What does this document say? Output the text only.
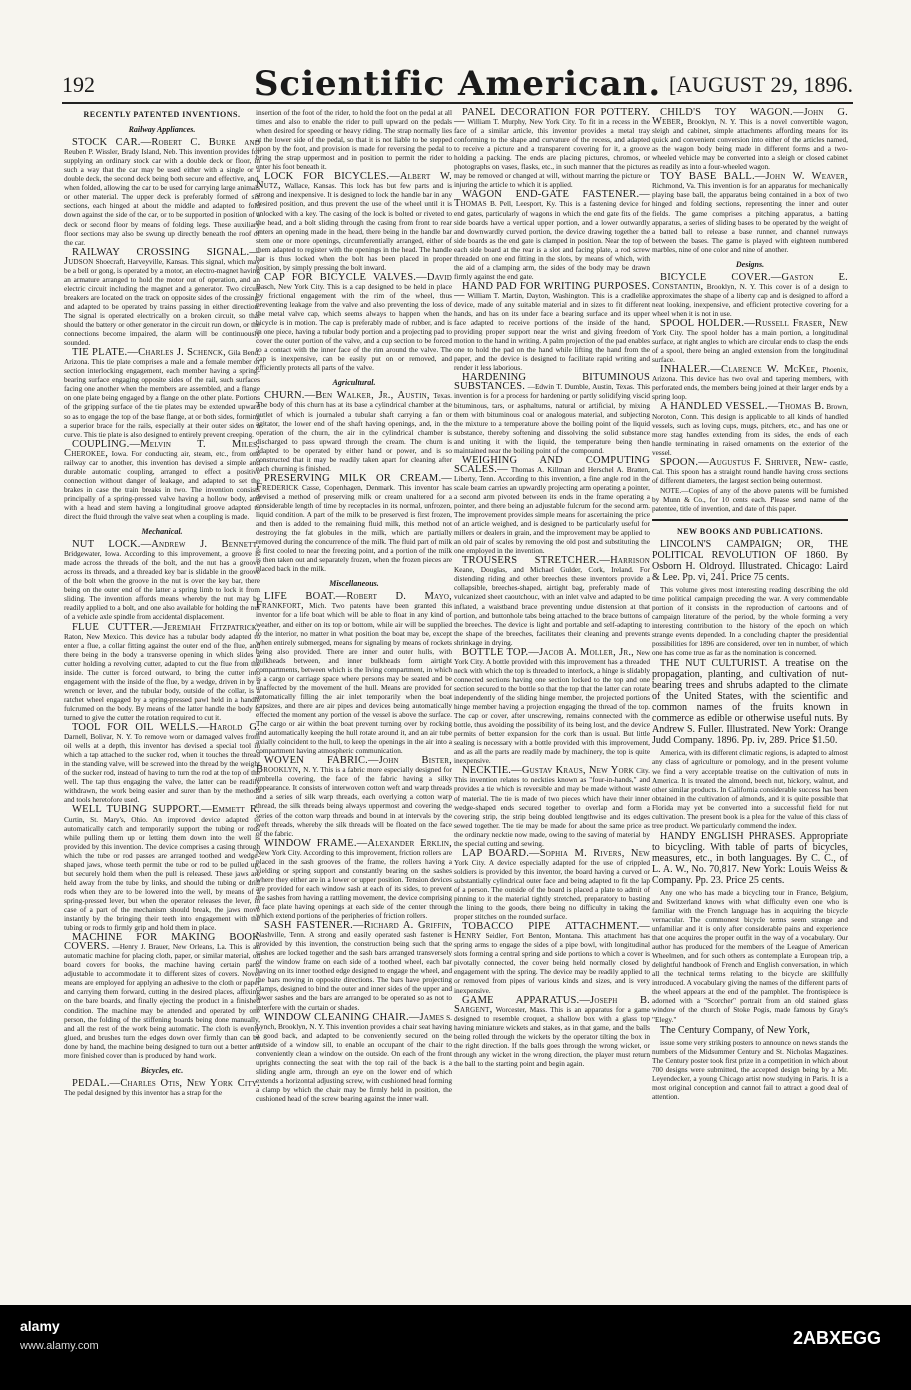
192	Scientific American. [AUGUST 29, 1896.
RECENTLY PATENTED INVENTIONS.
Railway Appliances.

STOCK CAR.—Robert C. Burke and Reuben P. Wissler, Brady Island, Neb. This invention provides for supplying an ordinary stock car with a double deck or floor, in such a way that the car may be used either with a single or a double deck, the second deck being both secure and effective, and, when folded, allowing the car to be used for carrying large animals or other material. The upper deck is preferably formed of six sections, each hinged at about the middle and adapted to fold down against the side of the car, or to be supported in position of a deck or second floor by means of folding legs. These auxiliary floor sections may also be swung up directly beneath the roof of the car.

RAILWAY CROSSING SIGNAL.—Judson Shoecraft, Harveyville, Kansas. This signal, which may be a bell or gong, is operated by a motor, an electro-magnet having an armature arranged to hold the motor out of operation, and an electric circuit including the magnet and a generator. Two circuit breakers are located on the track on opposite sides of the crossing, and adapted to be operated by trains passing in either direction. The signal is operated electrically on a broken circuit, so that should the battery or other generator in the circuit run down, or the connections become impaired, the alarm will be continuously sounded.

TIE PLATE.—Charles J. Schenck, Gila Bend, Arizona. This tie plate comprises a male and a female member or section interlocking engagement, each member having a spring-bearing surface engaging opposite sides of the rail, such surfaces facing one another when the members are assembled, and a flange on one plate being engaged by a flange on the other plate. Portions of the gripping surface of the tie plates may be extended upward so as to engage the top of the base flange, at or both sides, forming a superior brace for the rails, especially at their outer sides on a curve. This tie plate is also designed to entirely prevent creeping.

COUPLING.—Melvin T. Miles, Cherokee, Iowa. For conducting air, steam, etc., from one railway car to another, this invention has devised a simple and durable automatic coupling, arranged to effect a positive connection without danger of leakage, and adapted to set the brakes in case the train breaks in two. The invention consists principally of a spring-pressed valve having a hollow body, and with a head and stem having a longitudinal groove adapted to direct the fluid through the valve seat when a coupling is made.

Mechanical.

NUT LOCK.—Andrew J. Bennett, Bridgewater, Iowa. According to this improvement, a groove is made across the threads of the bolt, and the nut has a groove across its threads, and a threaded key bar is slidable in the groove of the bolt when the groove in the nut is over the key bar, there being on the outer end of the latter a spring limb to lock it from sliding. The invention affords means whereby the nut may be readily applied to a bolt, and one also available for holding the nut of a vehicle axle spindle from accidental displacement.

FLUE CUTTER.—Jeremiah Fitzpatrick, Raton, New Mexico. This device has a tubular body adapted to enter a flue, a collar fitting against the outer end of the flue, and there being in the body a transverse opening in which slides a cutter holding a revolving cutter, adapted to cut the flue from the inside. The cutter is forced outward, to bring the cutter into engagement with the inside of the flue, by a wedge, driven in by a wrench or lever, and the tubular body, outside of the collar, is a ratchet wheel engaged by a spring-pressed pawl held in a handle fulcrumed on the body. By means of the latter handle the body is turned to give the cutter the rotation required to cut it.

TOOL FOR OIL WELLS.—Harold G. Darnell, Bolivar, N. Y. To remove worn or damaged valves from oil wells at a depth, this inventor has devised a special tool in which a tap attached to the sucker rod, when it touches the thread in the standing valve, will be screwed into the thread by the weight of the sucker rod, instead of having to turn the rod at the top of the well. The tap thus engaging the valve, the latter can be readily withdrawn, the work being easier and surer than by the methods and tools heretofore used.

WELL TUBING SUPPORT.—Emmett R. Curtin, St. Mary's, Ohio. An improved device adapted to automatically catch and temporarily support the tubing or rods while pulling them up or letting them down into the well is provided by this invention. The device comprises a casing through which the tube or rod passes are arranged toothed and wedge-shaped jaws, whose teeth permit the tube or rod to be pulled up, but securely hold them when the pull is released. These jaws are held away from the tube by links, and should the tubing or drill rods when they are to be lowered into the well, by means of a spring-pressed lever, but when the operator releases the lever, in case of a part of the mechanism should break, the jaws move instantly by the bringing their teeth into engagement with the tubing or rods to firmly grip and hold them in place.

MACHINE FOR MAKING BOOK COVERS. —Henry J. Brauer, New Orleans, La. This is an automatic machine for placing cloth, paper, or similar material, on board covers for books, the machine having certain parts adjustable to accommodate it to different sizes of covers. Novel means are employed for applying an adhesive to the cloth or paper and carrying them forward, cutting in the desired places, affixing on the bare boards, and finally ejecting the product in a finished condition. The machine may be attended and operated by one person, the folding of the stiffening boards being done manually, and all the rest of the work being automatic. The cloth is evenly glued, and brushes turn the edges down over firmly than can be done by hand, the machine being designed to turn out a better and more finished cover than is produced by hand work.

Bicycles, etc.

PEDAL.—Charles Otis, New York City. The pedal designed by this inventor has a strap for the

insertion of the foot of the rider, to hold the foot on the pedal at all times and also to enable the rider to pull upward on the pedals when desired for speeding or heavy riding. The strap normally lies at the lower side of the pedal, so that it is not liable to be stepped upon by the foot, and provision is made for reversing the pedal to bring the strap uppermost and in position to permit the rider to enter his foot beneath it.

LOCK FOR BICYCLES.—Albert W. Nutz, Wallace, Kansas. This lock has but few parts and is strong and inexpensive. It is designed to lock the handle bar in any desired position, and thus prevent the use of the wheel until it is unlocked with a key. The casing of the lock is bolted or riveted to the head, and a bolt sliding through the casing from front to rear enters an opening made in the head, there being in the handle bar stem one or more openings, circumferentially arranged, either of them adapted to register with the openings in the head. The handle bar is thus locked when the bolt has been placed in proper position, by simply pressing the bolt inward.

CAP FOR BICYCLE VALVES.—David Basch, New York City. This is a cap designed to be held in place by frictional engagement with the rim of the wheel, thus preventing leakage from the valve and also preventing the loss of the metal valve cap, which seems always to happen when the bicycle is in motion. The cap is preferably made of rubber, and is in one piece, having a tubular body portion and a projecting pad to cover the outer portion of the valve, and a cup section to be forced to a contact with the inner face of the rim around the valve. The cap is inexpensive, can be easily put on or removed, and efficiently protects all parts of the valve.

Agricultural.

CHURN.—Ben Walker, Jr., Austin, Texas. The body of this churn has at its base a cylindrical chamber at the outlet of which is journaled a tubular shaft carrying a fan or agitator, the lower end of the shaft having openings, and, in the operation of the churn, the air in the cylindrical chamber is discharged to pass upward through the cream. The churn is adapted to be operated by either hand or power, and is so constructed that it may be readily taken apart for cleaning after each churning is finished.

PRESERVING MILK OR CREAM.—Frederick Casse, Copenhagen, Denmark. This inventor has devised a method of preserving milk or cream unaltered for a considerable length of time by receptacles in its normal, unfrozen, liquid condition. A part of the milk to be preserved is first frozen, and then is added to the remaining fluid milk, this method not destroying the fat globules in the milk, which are partially removed during the concurrence of the milk. The fluid part of milk is first cooled to near the freezing point, and a portion of the milk is then taken out and separately frozen, when the frozen pieces are placed back in the milk.

Miscellaneous.

LIFE BOAT.—Robert D. Mayo, Frankfort, Mich. Two patents have been granted this inventor for a life boat which will be able to float in any kind of weather, and either on its top or bottom, while air will be supplied to the interior, no matter in what position the boat may be, except when entirely submerged, means for signaling by means of rockets being also provided. There are inner and outer hulls, with bulkheads between, and inner bulkheads form airtight compartments, between which is the living compartment, in which is a cargo or carriage space where persons may be seated and be unaffected by the movement of the hull. Means are provided for automatically filling the air inlet temporarily when the boat capsizes, and there are air pipes and devices being automatically effected the moment any portion of the vessel is above the surface. The cargo or air within the boat prevent turning over by rocking and automatically keeping the hull rotate around it, and an air tube axially coincident to the hull, to keep the openings in the air into a compartment having atmospheric communication.

WOVEN FABRIC.—John Bister, Brooklyn, N. Y. This is a fabric more especially designed for umbrella covering, the face of the fabric having a silky appearance. It consists of interwoven cotton weft and warp threads and a series of silk warp threads, each overlying a cotton warp thread, the silk threads being always uppermost and covering the series of the cotton warp threads and bound in at intervals by the weft threads, whereby the silk threads will be floated on the face of the fabric.

WINDOW FRAME.—Alexander Erklin, New York City. According to this improvement, friction rollers are placed in the sash grooves of the frame, the rollers having a yielding or spring support and constantly bearing on the sashes where they either are in a lower or upper position. Tension devices are provided for each window sash at each of its sides, to prevent the sashes from having a rattling movement, the device comprising a face plate having openings at each side of the center through which extend portions of the peripheries of friction rollers.

SASH FASTENER.—Richard A. Griffin, Nashville, Tenn. A strong and easily operated sash fastener is provided by this invention, the construction being such that the sashes are locked together and the sash bars arranged transversely of the window frame on each side of a toothed wheel, each bar having on its inner toothed edge designed to engage the wheel, and the bars moving in opposite directions. The bars have projecting clamps, designed to bind the outer and inner sides of the upper and lower sashes and the bars are arranged to be operated so as not to interfere with the curtain or shades.

WINDOW CLEANING CHAIR.—James S. Lynch, Brooklyn, N. Y. This invention provides a chair seat having a good back, and adapted to be conveniently secured on the outside of a window sill, to enable an occupant of the chair to conveniently clean a window on the outside. On each of the front uprights connecting the seat with the top rail of the back is a sliding angle arm, through an eye on the lower end of which extends a horizontal adjusting screw, with cushioned head forming a clamp by which the chair may be firmly held in position, the cushioned head of the screw bearing against the inner wall.

PANEL DECORATION FOR POTTERY.— William T. Murphy, New York City. To fit in a recess in the face of a similar article, this inventor provides a metal tray conforming to the shape and curvature of the recess, and adapted to receive a picture and a transparent covering for it, a groove holding a packing. The ends are placing pictures, chromos, or photographs on vases, flasks, etc., in such manner that the pictures may be removed or changed at will, without marring the picture or injuring the article to which it is applied.

WAGON END-GATE FASTENER.—Thomas B. Pell, Leesport, Ky. This is a fastening device for end gates, particularly of wagons in which the end gate fits of the side boards have a vertical upper portion, and a lower outwardly and downwardly curved portion, the device drawing together the side boards as the end gate is clamped in position. Near the top of each side board at the rear is a slot and facing plate, a rod screw threaded on one end fitting in the slots, by means of which, with the aid of a clamping arm, the sides of the body may be drawn firmly against the end gate.

HAND PAD FOR WRITING PURPOSES.— William T. Martin, Dayton, Washington. This is a cradlelike device, made of any suitable material and in sizes to fit different hands, and has on its under face a bearing surface and its upper face adapted to receive portions of the inside of the hand, providing proper support near the wrist and giving freedom of motion to the hand in writing. A palm projection of the pad enables one to hold the pad on the hand while lifting the hand from the paper, and the device is designed to facilitate rapid writing and render it less laborious.

HARDENING BITUMINOUS SUBSTANCES. —Edwin T. Dumble, Austin, Texas. This invention is for a process for hardening or partly solidifying viscid bituminous, tars, or asphaltums, natural or artificial, by mixing them with bituminous coal or analogous material, and subjecting the mixture to a temperature above the boiling point of the liquid substance, thereby softening and dissolving the solid substance and uniting it with the liquid, the temperature being then maintained near the boiling point of the compound.

WEIGHING AND COMPUTING SCALES.— Thomas A. Killman and Herschel A. Bratten, Liberty, Tenn. According to this invention, a fine angle rod in the scale beam carries an upwardly projecting arm operating a pointer, a second arm pivoted between its ends in the frame operating a pointer, and there being an adjustable fulcrum for the second arm. The improvement provides simple means for ascertaining the price of an article weighed, and is designed to be particularly useful for millers or dealers in grain, and the improvement may be applied to an old pair of scales by removing the old post and substituting the one employed in the invention.

TROUSERS STRETCHER.—Harrison Keane, Douglas, and Michael Gulder, Cork, Ireland. For distending riding and other breeches these inventors provide a collapsible, breeches-shaped, airtight bag, preferably made of vulcanized sheet caoutchouc, with an inlet valve and adapted to be inflated, a waistband brace preventing undue distension at that portion, and buttonhole tabs being attached to the brace buttons of the breeches. The device is light and portable and self-adapting to the shape of the breeches, facilitates their cleaning and prevents shrinkage in drying.

BOTTLE TOP.—Jacob A. Moller, Jr., New York City. A bottle provided with this improvement has a threaded neck with which the top is threaded to interlock, a hinge is slidably connected sections having one section locked to the top and one section secured to the bottle so that the top that the latter can rotate independently of the sliding hinge member, the projected portions hinge member having a projection engaging the thread of the top. The cap or cover, after unscrewing, remains connected with the bottle, thus avoiding the possibility of its being lost, and the device permits of better expansion for the cork than is usual. But little sealing is necessary with a bottle provided with this improvement, and as all the parts are readily made by machinery, the top is quite inexpensive.

NECKTIE.—Gustav Kraus, New York City. This invention relates to neckties known as "four-in-hands," and provides a tie which is reversible and may be made without waste of material. The tie is made of two pieces which have their inner wedge-shaped ends secured together to overlap and form a covering strip, the strip being doubled lengthwise and its edges sewed together. The tie may be made for about the same price as the ordinary necktie now made, owing to the saving of material by the special cutting and sewing.

LAP BOARD.—Sophia M. Rivers, New York City. A device especially adapted for the use of crippled soldiers is provided by this inventor, the board having a curved or substantially cylindrical outer face and being adapted to fit the lap of a person. The outside of the board is placed a plate to admit of pinning to it the material tightly stretched, preparatory to basting the lining to the goods, there being no difficulty in taking the proper stitches on the rounded surface.

TOBACCO PIPE ATTACHMENT.—Henry Seidler, Fort Benton, Montana. This attachment has spring arms to engage the sides of a pipe bowl, with longitudinal slots forming a central spring and side portions to which a cover is pivotally connected, the cover being held normally closed by engagement with the spring. The device may be readily applied to or removed from pipes of various kinds and sizes, and is very inexpensive.

GAME APPARATUS.—Joseph B. Sargent, Worcester, Mass. This is an apparatus for a game designed to resemble croquet, a shallow box with a glass top having miniature wickets and stakes, as in that game, and the balls being rolled through the wickets by the operator tilting the box in the right direction. If the balls goes through the wrong wicket, or through any wicket in the wrong direction, the player must return the ball to the starting point and begin again.

CHILD'S TOY WAGON.—John G. Weber, Brooklyn, N. Y. This is a novel convertible wagon, sleigh and cabinet, simple attachments affording means for its quick and convenient conversion into either of the articles named, as the wagon body being made in different forms and a two-wheeled vehicle may be converted into a sleigh or closed cabinet as readily as into a four-wheeled wagon.

TOY BASE BALL.—John W. Weaver, Richmond, Va. This invention is for an apparatus for mechanically playing base ball, the apparatus being contained in a box of two hinged and folding sections, representing the inner and outer fields. The game comprises a pitching apparatus, a batting apparatus, a series of sliding bases to be operated by the weight of a batted ball to release a base runner, and channel runways between the bases. The game is played with eighteen numbered marbles, nine of one color and nine of another.

Designs.

BICYCLE COVER.—Gaston E. Constantin, Brooklyn, N. Y. This cover is of a design to approximates the shape of a liberty cap and is designed to afford a neat looking, inexpensive, and efficient protective covering for a wheel when it is not in use.

SPOOL HOLDER.—Russell Fraser, New York City. The spool holder has a main portion, a longitudinal surface, at right angles to which are circular ends to clasp the ends of a spool, there being an angled extension from the longitudinal surface.

INHALER.—Clarence W. McKee, Phoenix, Arizona. This device has two oval and tapering members, with perforated ends, the members being joined at their larger ends by a spring loop.

A HANDLED VESSEL.—Thomas B. Brown, Noroton, Conn. This design is applicable to all kinds of handled vessels, such as loving cups, mugs, pitchers, etc., and has one or more stag handles extending from its sides, the ends of each handle terminating in raised ornaments on the exterior of the vessel.

SPOON.—Augustus F. Shriver, New- castle, Cal. This spoon has a straight round handle having cross sections of different diameters, the largest section being outermost.

NOTE.—Copies of any of the above patents will be furnished by Munn & Co., for 10 cents each. Please send name of the patentee, title of invention, and date of this paper.

NEW BOOKS AND PUBLICATIONS.

LINCOLN'S CAMPAIGN; OR, THE POLITICAL REVOLUTION OF 1860. By Osborn H. Oldroyd. Illustrated. Chicago: Laird & Lee. Pp. vi, 241. Price 75 cents.

This volume gives most interesting reading describing the old time political campaign preceding the war. A very commendable portion of it consists in the reproduction of cartoons and of campaign literature of the period, by the whole forming a very interesting contribution to the history of the epoch on which strange events depended. In a concluding chapter the presidential possibilities for 1896 are considered, over ten in number, of which one has come true as far as the nomination is concerned.

THE NUT CULTURIST. A treatise on the propagation, planting, and cultivation of nut-bearing trees and shrubs adapted to the climate of the United States, with the scientific and common names of the fruits known in commerce as edible or otherwise useful nuts. By Andrew S. Fuller. Illustrated. New York: Orange Judd Company. 1896. Pp. iv, 289. Price $1.50.

America, with its different climatic regions, is adapted to almost any class of agriculture or pomology, and in the present volume we find a very acceptable treatise on the cultivation of nuts in America. It is treated the almond, beech nut, hickory, walnut, and other similar products. In California considerable success has been obtained in the cultivation of almonds, and it is quite possible that Florida may yet be converted into a successful field for nut cultivation. The present book is a plea for the value of this class of tree product. We particularly commend the index.

HANDY ENGLISH PHRASES. Appropriate to bicycling. With table of parts of bicycles, measures, etc., in both languages. By C. C., of L. A. W., No. 70,817. New York: Louis Weiss & Company. Pp. 23. Price 25 cents.

Any one who has made a bicycling tour in France, Belgium, and Switzerland knows with what difficulty even one who is familiar with the French language has in acquiring the bicycle vernacular. The commonest bicycle terms seem strange and unfamiliar and it is only after considerable pains and experience that one acquires the proper outfit in the way of a vocabulary. Our author has produced for the members of the League of American Wheelmen, and for such others as contemplate a European trip, a delightful handbook of French and English conversation, in which all the technical terms relating to the bicycle are skillfully introduced. A vocabulary giving the names of the different parts of the wheel appears at the end of the pamphlet. The frontispiece is adorned with a "Scorcher" portrait from an old stained glass window of the church of Stoke Pogis, made famous by Gray's "Elegy."

The Century Company, of New York,

issue some very striking posters to announce on news stands the numbers of the Midsummer Century and St. Nicholas Magazines. The Century poster took first prize in a competition in which about 700 designs were submitted, the accepted design being by a Mr. Leyendecker, a young Chicago artist now studying in Paris. It is a most original conception and cannot fail to attract a good deal of attention.

alamy
www.alamy.com	2ABXEGG
